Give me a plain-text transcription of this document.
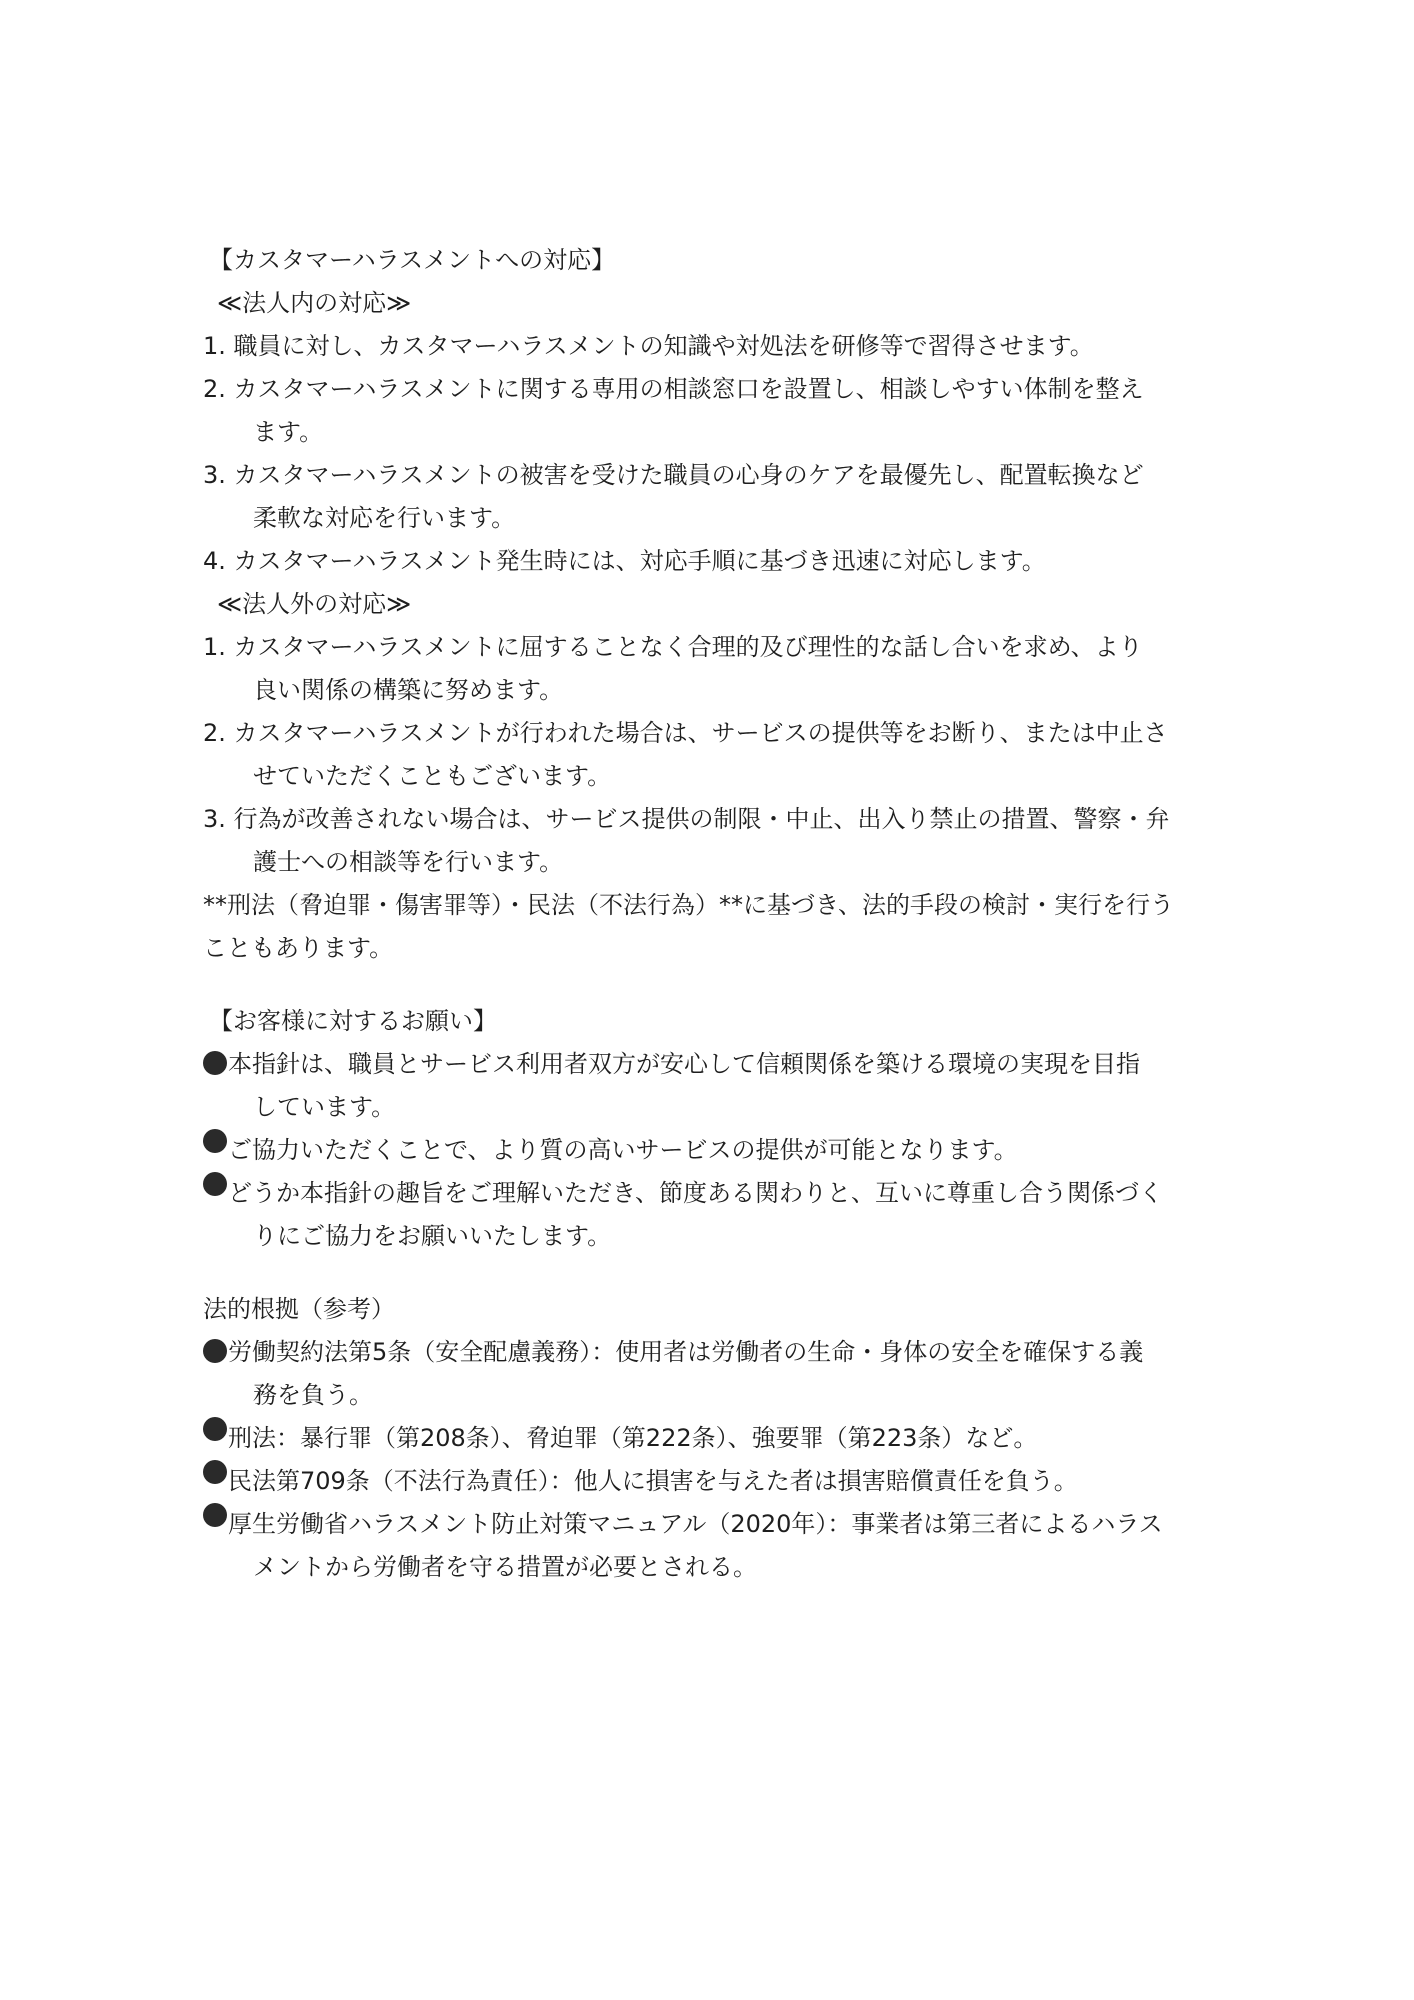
【カスタマーハラスメントへの対応】
≪法人内の対応≫
1. 職員に対し、カスタマーハラスメントの知識や対処法を研修等で習得させます。
2. カスタマーハラスメントに関する専用の相談窓口を設置し、相談しやすい体制を整え
ます。
3. カスタマーハラスメントの被害を受けた職員の心身のケアを最優先し、配置転換など
柔軟な対応を行います。
4. カスタマーハラスメント発生時には、対応手順に基づき迅速に対応します。
≪法人外の対応≫
1. カスタマーハラスメントに屈することなく合理的及び理性的な話し合いを求め、より
良い関係の構築に努めます。
2. カスタマーハラスメントが行われた場合は、サービスの提供等をお断り、または中止さ
せていただくこともございます。
3. 行為が改善されない場合は、サービス提供の制限・中止、出入り禁止の措置、警察・弁
護士への相談等を行います。
**刑法（脅迫罪・傷害罪等）・民法（不法行為）**に基づき、法的手段の検討・実行を行う
こともあります。
【お客様に対するお願い】
本指針は、職員とサービス利用者双方が安心して信頼関係を築ける環境の実現を目指
しています。
ご協力いただくことで、より質の高いサービスの提供が可能となります。
どうか本指針の趣旨をご理解いただき、節度ある関わりと、互いに尊重し合う関係づく
りにご協力をお願いいたします。
法的根拠（参考）
労働契約法第5条（安全配慮義務）：使用者は労働者の生命・身体の安全を確保する義
務を負う。
刑法：暴行罪（第208条）、脅迫罪（第222条）、強要罪（第223条）など。
民法第709条（不法行為責任）：他人に損害を与えた者は損害賠償責任を負う。
厚生労働省ハラスメント防止対策マニュアル（2020年）：事業者は第三者によるハラス
メントから労働者を守る措置が必要とされる。
